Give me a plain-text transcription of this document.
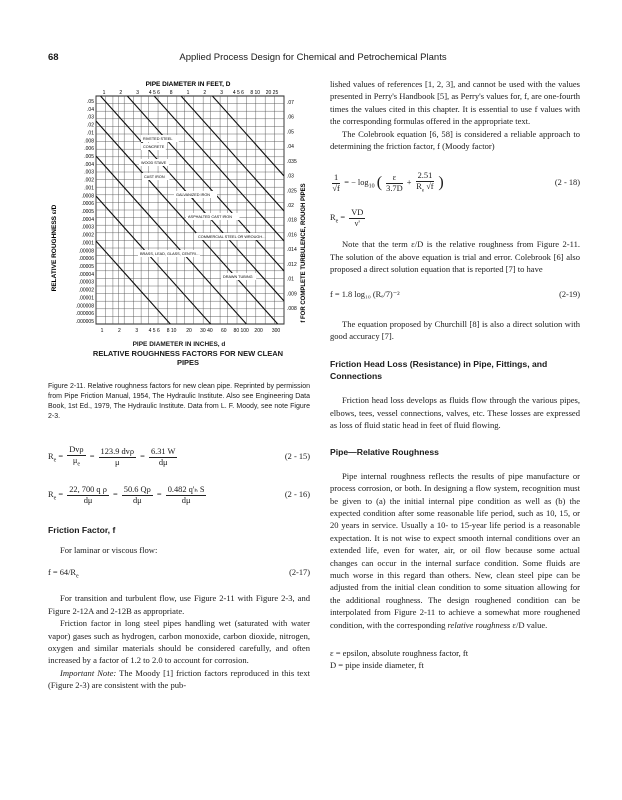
68	Applied Process Design for Chemical and Petrochemical Plants
PIPE DIAMETER IN FEET, D
1	2	3 4 5 6 8	1	2	3 4 5 6 8 10 20 25
RELATIVE ROUGHNESS ε/D
.05
.04
.03
.02
.01
.008
.006
.005
.004
.003
.002
.001
.0008
.0006
.0005
.0004
.0003
.0002
.0001
.00008
.00006
.00005
.00004
.00003
.00002
.00001
.000008
.000006
.000005
.07
.06
.05
.04
.035
.03
.025
.02
.018
.016
.014
.012
.01
.009
.008 f FOR COMPLETE TURBULENCE, ROUGH PIPES
RIVETED STEEL
CONCRETE
WOOD STAVE
CAST IRON
GALVANIZED IRON
ASPHALTED CAST IRON
COMMERCIAL STEEL OR WROUGH…
DRAWN TUBING
BRASS, LEAD, GLASS, CENTRI…
1	2	3 4 5 6 8 10 20 30 40 60 80 100 200 300
PIPE DIAMETER IN INCHES, d
RELATIVE ROUGHNESS FACTORS FOR NEW CLEAN PIPES

Figure 2-11. Relative roughness factors for new clean pipe. Reprinted by permission from Pipe Friction Manual, 1954, The Hydraulic Institute. Also see Engineering Data Book, 1st Ed., 1979, The Hydraulic Institute. Data from L. F. Moody, see note Figure 2-3.

$R_e = \frac{\text{Dvρ}}{\mu_e} = \frac{\text{123.9 dvρ}}{\mu} = \frac{6.31 W}{d\mu}$	(2 - 15)
$R_e = \frac{\text{22, 700 q ρ}}{d\mu} = \frac{50.6 Q\rho}{d\mu} = \frac{\text{0.482 q'ₕ S}}{d\mu}$	(2 - 16)
Friction Factor, f

For laminar or viscous flow:

$f = 64/R_e$	(2-17)

For transition and turbulent flow, use Figure 2-11 with Figure 2-3, and Figure 2-12A and 2-12B as appropriate.

Friction factor in long steel pipes handling wet (saturated with water vapor) gases such as hydrogen, carbon monoxide, carbon dioxide, nitrogen, oxygen and similar materials should be considered carefully, and often increased by a factor of 1.2 to 2.0 to account for corrosion.

Important Note: The Moody [1] friction factors reproduced in this text (Figure 2-3) are consistent with the pub-

lished values of references [1, 2, 3], and cannot be used with the values presented in Perry's Handbook [5], as Perry's values for, f, are one-fourth times the values cited in this chapter. It is essential to use f values with the corresponding formulas offered in the appropriate text.

The Colebrook equation [6, 58] is considered a reliable approach to determining the friction factor, f (Moody factor)

$\frac{1}{√f}$ = − $\log_{10}$ ( $\frac{\varepsilon}{3.7D} + \frac{2.51}{R_e √f}$ )	(2 - 18)
$R_e = \frac{VD}{\nu'}$

Note that the term ε/D is the relative roughness from Figure 2-11. The solution of the above equation is trial and error. Colebrook [6] also proposed a direct solution equation that is reported [7] to have

f = 1.8 log₁₀ (Rₑ/7)⁻²	(2-19)

The equation proposed by Churchill [8] is also a direct solution with good accuracy [7].

Friction Head Loss (Resistance) in Pipe, Fittings, and Connections

Friction head loss develops as fluids flow through the various pipes, elbows, tees, vessel connections, valves, etc. These losses are expressed as loss of fluid static head in feet of fluid flowing.

Pipe—Relative Roughness

Pipe internal roughness reflects the results of pipe manufacture or process corrosion, or both. In designing a flow system, recognition must be given to (a) the initial internal pipe condition as well as (b) the expected condition after some reasonable life period, such as 10, 15, or 20 years in service. Usually a 10- to 15-year life period is a reasonable expectation. It is not wise to expect smooth internal conditions over an extended life, even for water, air, or oil flow because some actual changes can occur in the internal surface condition. Some fluids are much worse in this regard than others. New, clean steel pipe can be adjusted from the initial clean condition to some situation allowing for the additional roughness. The design roughened condition can be interpolated from Figure 2-11 to achieve a somewhat more roughened condition, with the corresponding relative roughness ε/D value.

ε = epsilon, absolute roughness factor, ft

D = pipe inside diameter, ft
